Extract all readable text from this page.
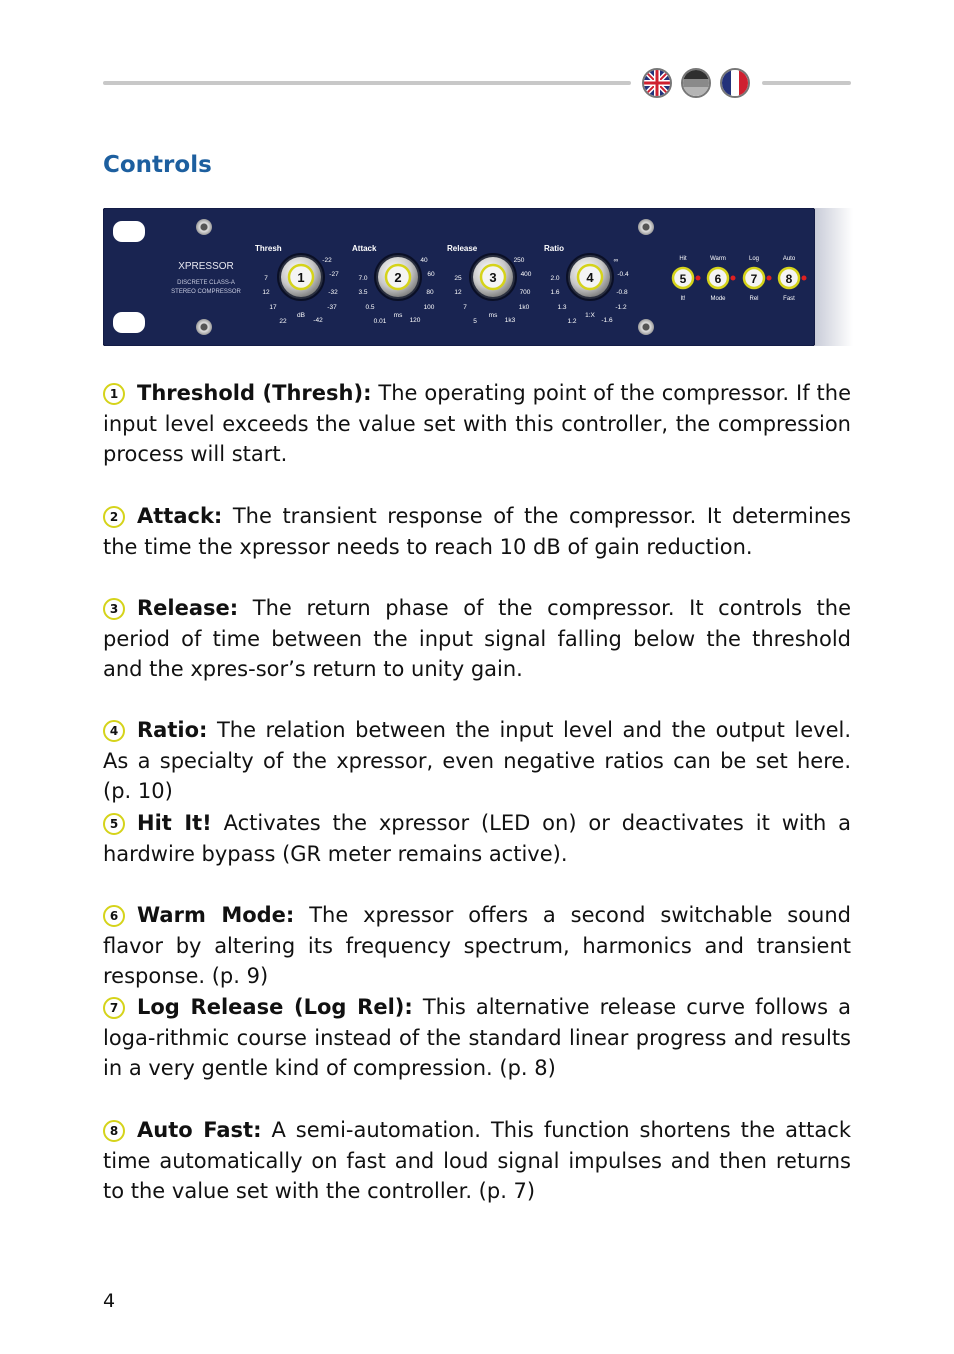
Controls
XPRESSOR
DISCRETE CLASS-A
STEREO COMPRESSOR
Thresh
1
7
12
17
22
-22
-27
-32
-37
-42
dB
Attack
2
7.0
3.5
0.5
0.01
40
60
80
100
120
ms
Release
3
25
12
7
5
250
400
700
1k0
1k3
ms
Ratio
4
2.0
1.6
1.3
1.2
∞
-0.4
-0.8
-1.2
-1.6
1:X
Hit
5
It!
Warm
6
Mode
Log
7
Rel
Auto
8
Fast

1 Threshold (Thresh): The operating point of the compressor. If the input level exceeds the value set with this controller, the compression process will start.

2 Attack: The transient response of the compressor. It determines the time the xpressor needs to reach 10 dB of gain reduction.

3 Release: The return phase of the compressor. It controls the period of time between the input signal falling below the threshold and the xpres-sor’s return to unity gain.

4 Ratio: The relation between the input level and the output level. As a specialty of the xpressor, even negative ratios can be set here. (p. 10)

5 Hit It! Activates the xpressor (LED on) or deactivates it with a hardwire bypass (GR meter remains active).

6 Warm Mode: The xpressor offers a second switchable sound flavor by altering its frequency spectrum, harmonics and transient response. (p. 9)

7 Log Release (Log Rel): This alternative release curve follows a loga-rithmic course instead of the standard linear progress and results in a very gentle kind of compression. (p. 8)

8 Auto Fast: A semi-automation. This function shortens the attack time automatically on fast and loud signal impulses and then returns to the value set with the controller. (p. 7)

4
